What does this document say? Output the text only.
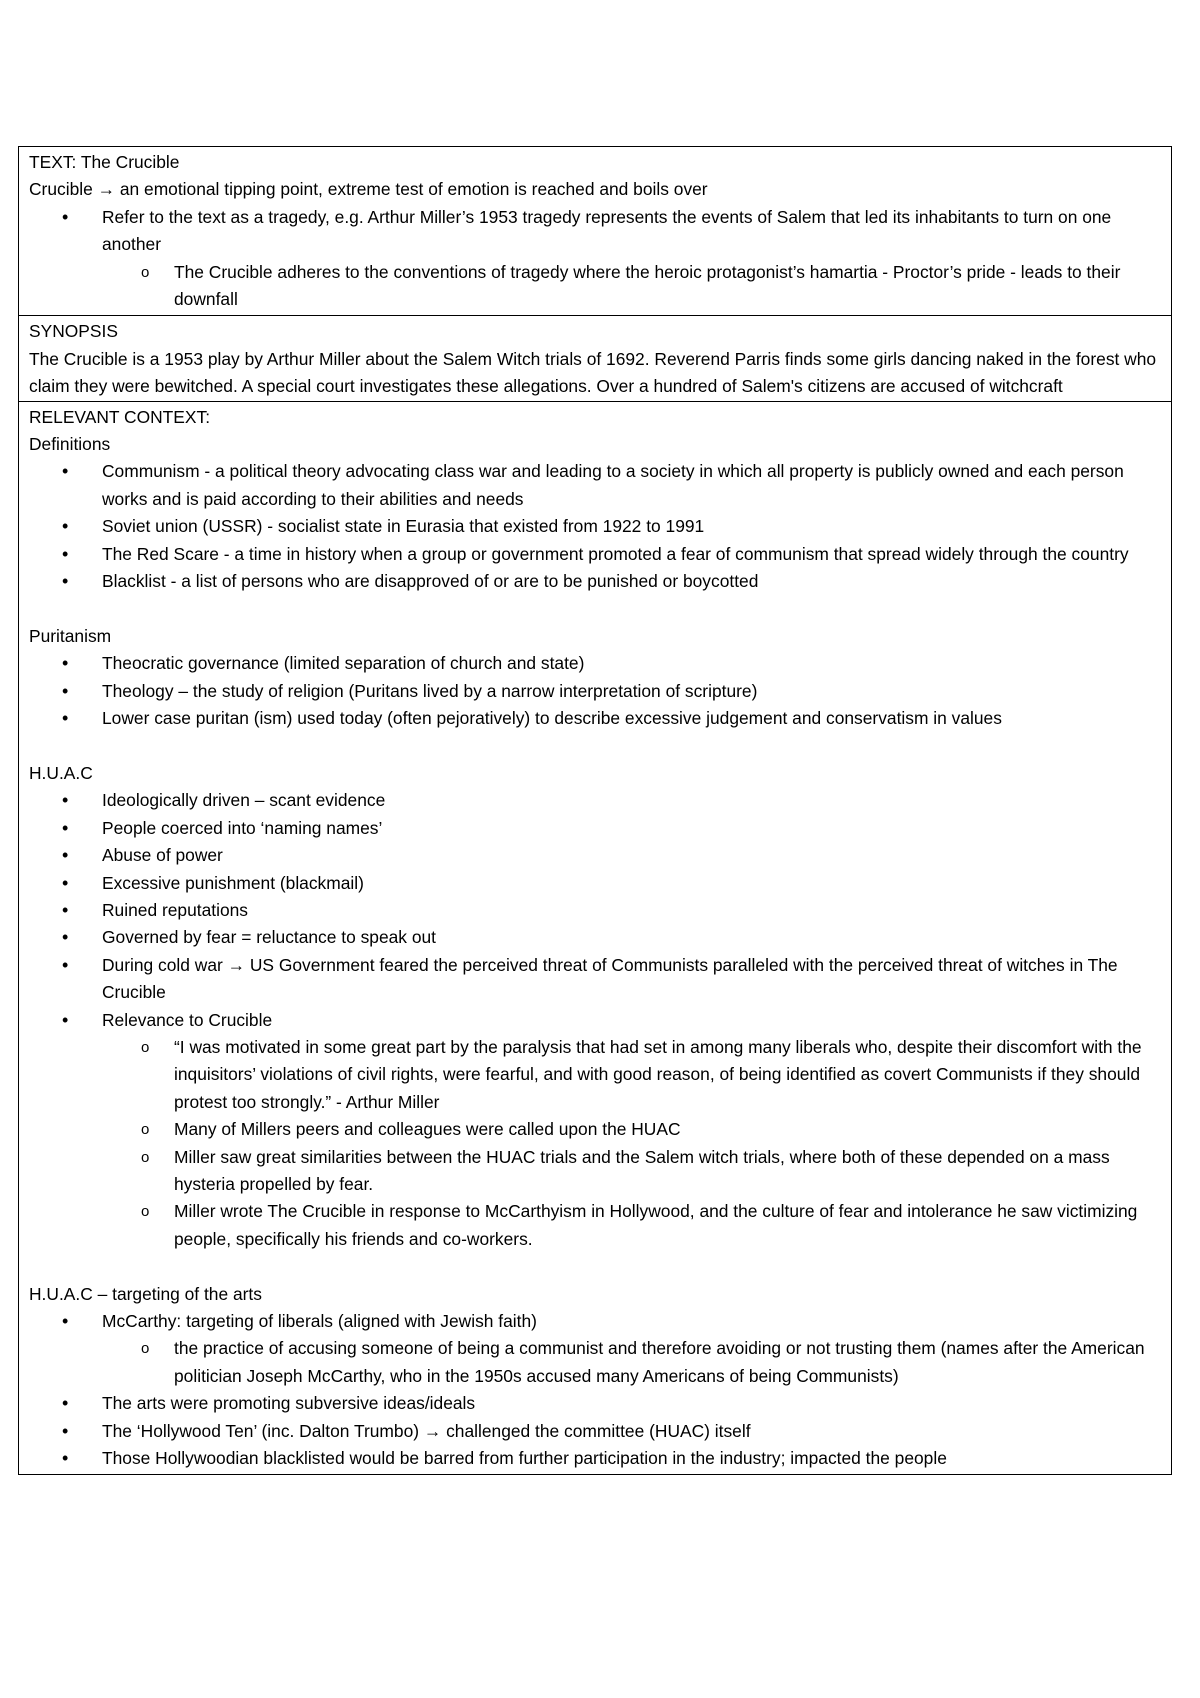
TEXT: The Crucible
Crucible → an emotional tipping point, extreme test of emotion is reached and boils over
• Refer to the text as a tragedy, e.g. Arthur Miller’s 1953 tragedy represents the events of Salem that led its inhabitants to turn on one another
o The Crucible adheres to the conventions of tragedy where the heroic protagonist’s hamartia - Proctor’s pride - leads to their downfall

SYNOPSIS
The Crucible is a 1953 play by Arthur Miller about the Salem Witch trials of 1692. Reverend Parris finds some girls dancing naked in the forest who claim they were bewitched. A special court investigates these allegations. Over a hundred of Salem's citizens are accused of witchcraft

RELEVANT CONTEXT:
Definitions
• Communism - a political theory advocating class war and leading to a society in which all property is publicly owned and each person works and is paid according to their abilities and needs
• Soviet union (USSR) - socialist state in Eurasia that existed from 1922 to 1991
• The Red Scare - a time in history when a group or government promoted a fear of communism that spread widely through the country
• Blacklist - a list of persons who are disapproved of or are to be punished or boycotted
Puritanism
• Theocratic governance (limited separation of church and state)
• Theology – the study of religion (Puritans lived by a narrow interpretation of scripture)
• Lower case puritan (ism) used today (often pejoratively) to describe excessive judgement and conservatism in values
H.U.A.C
• Ideologically driven – scant evidence
• People coerced into ‘naming names’
• Abuse of power
• Excessive punishment (blackmail)
• Ruined reputations
• Governed by fear = reluctance to speak out
• During cold war → US Government feared the perceived threat of Communists paralleled with the perceived threat of witches in The Crucible
• Relevance to Crucible
o “I was motivated in some great part by the paralysis that had set in among many liberals who, despite their discomfort with the inquisitors’ violations of civil rights, were fearful, and with good reason, of being identified as covert Communists if they should protest too strongly.” - Arthur Miller
o Many of Millers peers and colleagues were called upon the HUAC
o Miller saw great similarities between the HUAC trials and the Salem witch trials, where both of these depended on a mass hysteria propelled by fear.
o Miller wrote The Crucible in response to McCarthyism in Hollywood, and the culture of fear and intolerance he saw victimizing people, specifically his friends and co-workers.
H.U.A.C – targeting of the arts
• McCarthy: targeting of liberals (aligned with Jewish faith)
o the practice of accusing someone of being a communist and therefore avoiding or not trusting them (names after the American politician Joseph McCarthy, who in the 1950s accused many Americans of being Communists)
• The arts were promoting subversive ideas/ideals
• The ‘Hollywood Ten’ (inc. Dalton Trumbo) → challenged the committee (HUAC) itself
• Those Hollywoodian blacklisted would be barred from further participation in the industry; impacted the people
